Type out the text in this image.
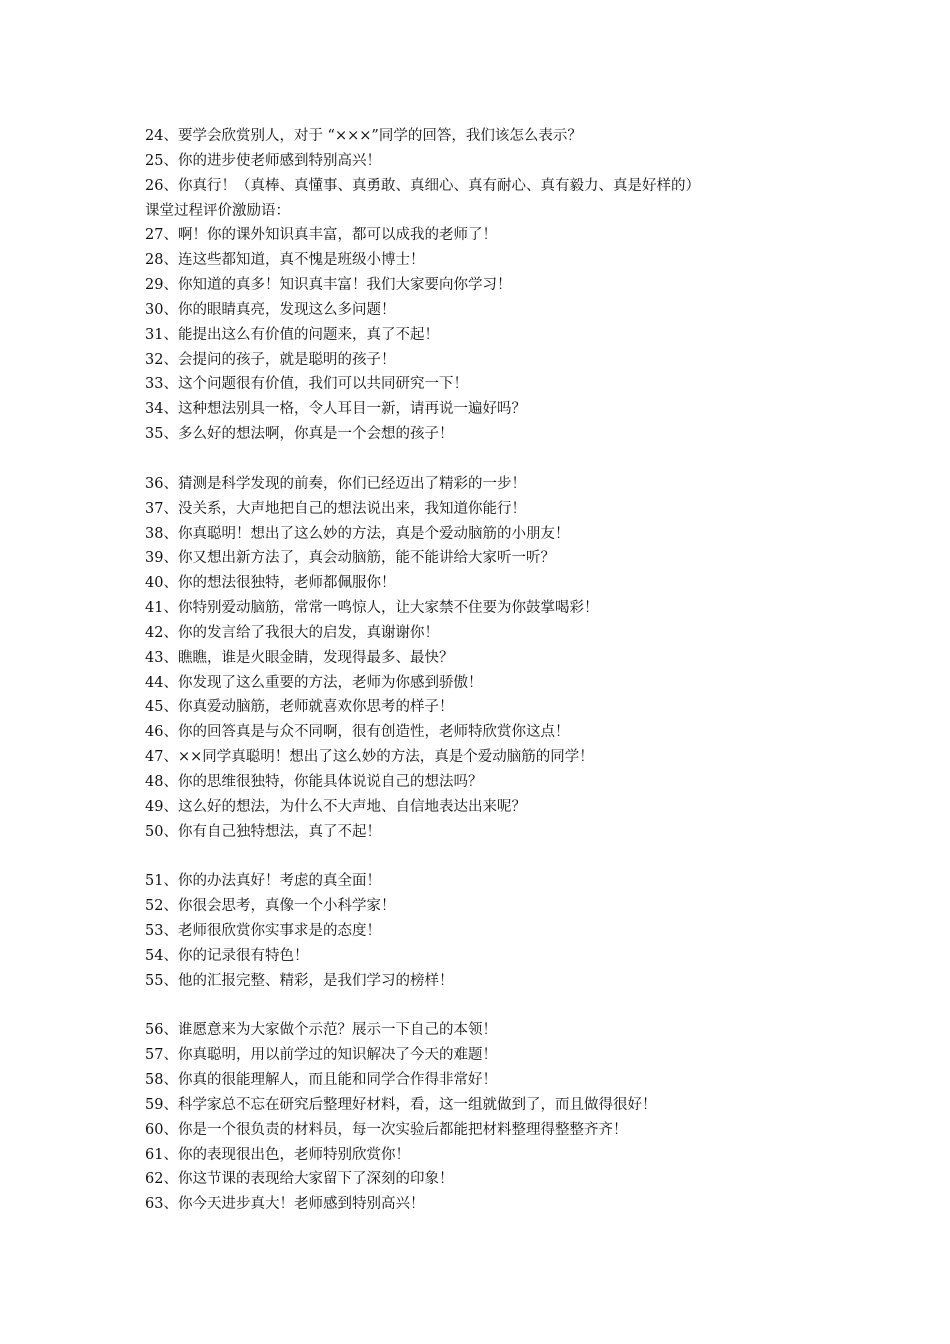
24、要学会欣赏别人，对于 “×××”同学的回答，我们该怎么表示？
25、你的进步使老师感到特别高兴！
26、你真行！（真棒、真懂事、真勇敢、真细心、真有耐心、真有毅力、真是好样的）
课堂过程评价激励语：
27、啊！你的课外知识真丰富，都可以成我的老师了！
28、连这些都知道，真不愧是班级小博士！
29、你知道的真多！知识真丰富！我们大家要向你学习！
30、你的眼睛真亮，发现这么多问题！
31、能提出这么有价值的问题来，真了不起！
32、会提问的孩子，就是聪明的孩子！
33、这个问题很有价值，我们可以共同研究一下！
34、这种想法别具一格，令人耳目一新，请再说一遍好吗？
35、多么好的想法啊，你真是一个会想的孩子！
36、猜测是科学发现的前奏，你们已经迈出了精彩的一步！
37、没关系，大声地把自己的想法说出来，我知道你能行！
38、你真聪明！想出了这么妙的方法，真是个爱动脑筋的小朋友！
39、你又想出新方法了，真会动脑筋，能不能讲给大家听一听？
40、你的想法很独特，老师都佩服你！
41、你特别爱动脑筋，常常一鸣惊人，让大家禁不住要为你鼓掌喝彩！
42、你的发言给了我很大的启发，真谢谢你！
43、瞧瞧，谁是火眼金睛，发现得最多、最快？
44、你发现了这么重要的方法，老师为你感到骄傲！
45、你真爱动脑筋，老师就喜欢你思考的样子！
46、你的回答真是与众不同啊，很有创造性，老师特欣赏你这点！
47、××同学真聪明！想出了这么妙的方法，真是个爱动脑筋的同学！
48、你的思维很独特，你能具体说说自己的想法吗？
49、这么好的想法，为什么不大声地、自信地表达出来呢？
50、你有自己独特想法，真了不起！
51、你的办法真好！考虑的真全面！
52、你很会思考，真像一个小科学家！
53、老师很欣赏你实事求是的态度！
54、你的记录很有特色！
55、他的汇报完整、精彩，是我们学习的榜样！
56、谁愿意来为大家做个示范？展示一下自己的本领！
57、你真聪明，用以前学过的知识解决了今天的难题！
58、你真的很能理解人，而且能和同学合作得非常好！
59、科学家总不忘在研究后整理好材料，看，这一组就做到了，而且做得很好！
60、你是一个很负责的材料员，每一次实验后都能把材料整理得整整齐齐！
61、你的表现很出色，老师特别欣赏你！
62、你这节课的表现给大家留下了深刻的印象！
63、你今天进步真大！老师感到特别高兴！
